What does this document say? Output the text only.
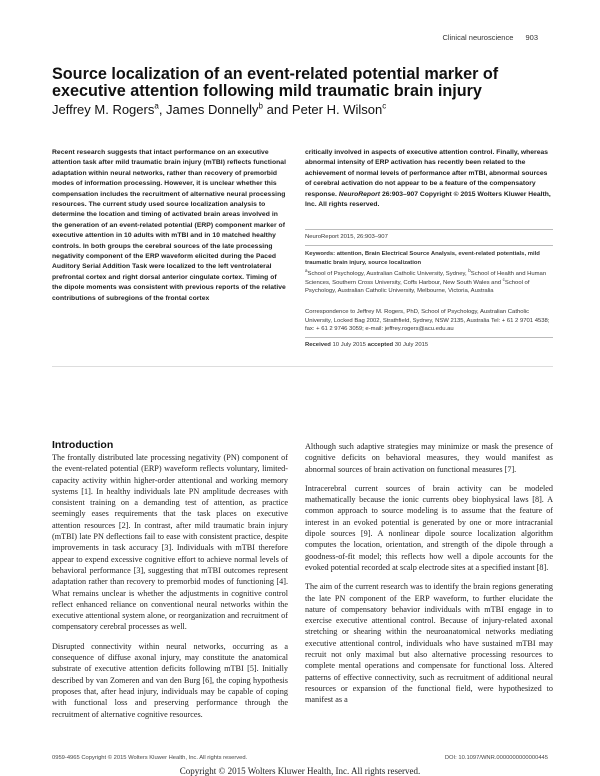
Clinical neuroscience 903
Source localization of an event-related potential marker of executive attention following mild traumatic brain injury
Jeffrey M. Rogers$^a$, James Donnelly$^b$ and Peter H. Wilson$^c$
Recent research suggests that intact performance on an executive attention task after mild traumatic brain injury (mTBI) reflects functional adaptation within neural networks, rather than recovery of premorbid modes of information processing. However, it is unclear whether this compensation includes the recruitment of alternative neural processing resources. The current study used source localization analysis to determine the location and timing of activated brain areas involved in the generation of an event-related potential (ERP) component marker of executive attention in 10 adults with mTBI and in 10 matched healthy controls. In both groups the cerebral sources of the late processing negativity component of the ERP waveform elicited during the Paced Auditory Serial Addition Task were localized to the left ventrolateral prefrontal cortex and right dorsal anterior cingulate cortex. Timing of the dipole moments was consistent with previous reports of the relative contributions of subregions of the frontal cortex
critically involved in aspects of executive attention control. Finally, whereas abnormal intensity of ERP activation has recently been related to the achievement of normal levels of performance after mTBI, abnormal sources of cerebral activation do not appear to be a feature of the compensatory response. NeuroReport 26:903–907 Copyright © 2015 Wolters Kluwer Health, Inc. All rights reserved.
NeuroReport 2015, 26:903–907
Keywords: attention, Brain Electrical Source Analysis, event-related potentials, mild traumatic brain injury, source localization
$^a$School of Psychology, Australian Catholic University, Sydney, $^b$School of Health and Human Sciences, Southern Cross University, Coffs Harbour, New South Wales and $^c$School of Psychology, Australian Catholic University, Melbourne, Victoria, Australia
Correspondence to Jeffrey M. Rogers, PhD, School of Psychology, Australian Catholic University, Locked Bag 2002, Strathfield, Sydney, NSW 2135, Australia Tel: + 61 2 9701 4538; fax: + 61 2 9746 3059; e-mail: jeffrey.rogers@acu.edu.au
Received 10 July 2015 accepted 30 July 2015
Introduction

The frontally distributed late processing negativity (PN) component of the event-related potential (ERP) waveform reflects voluntary, limited-capacity activity within higher-order attentional and working memory systems [1]. In healthy individuals late PN amplitude decreases with consistent training on a demanding test of attention, as practice seemingly eases requirements that the task places on executive attention resources [2]. In contrast, after mild traumatic brain injury (mTBI) late PN deflections fail to ease with consistent practice, despite improvements in task accuracy [3]. Individuals with mTBI therefore appear to expend excessive cognitive effort to achieve normal levels of behavioral performance [3], suggesting that mTBI outcomes represent adaptation rather than recovery to premorbid modes of functioning [4]. What remains unclear is whether the adjustments in cognitive control reflect enhanced reliance on conventional neural networks within the executive attentional system alone, or reorganization and recruitment of compensatory cerebral processes as well.

Disrupted connectivity within neural networks, occurring as a consequence of diffuse axonal injury, may constitute the anatomical substrate of executive attention deficits following mTBI [5]. Initially described by van Zomeren and van den Burg [6], the coping hypothesis proposes that, after head injury, individuals may be capable of coping with functional loss and preserving performance through the recruitment of alternative cognitive resources.

Although such adaptive strategies may minimize or mask the presence of cognitive deficits on behavioral measures, they would manifest as abnormal sources of brain activation on functional measures [7].

Intracerebral current sources of brain activity can be modeled mathematically because the ionic currents obey biophysical laws [8]. A common approach to source modeling is to assume that the feature of interest in an evoked potential is generated by one or more intracranial dipole sources [9]. A nonlinear dipole source localization algorithm computes the location, orientation, and strength of the dipole through a goodness-of-fit model; this reflects how well a dipole accounts for the evoked potential recorded at scalp electrode sites at a specified instant [8].

The aim of the current research was to identify the brain regions generating the late PN component of the ERP waveform, to further elucidate the nature of compensatory behavior individuals with mTBI engage in to exercise executive attentional control. Because of injury-related axonal stretching or shearing within the neuroanatomical networks mediating executive attentional control, individuals who have sustained mTBI may recruit not only maximal but also alternative processing resources to complete mental operations and compensate for functional loss. Altered patterns of effective connectivity, such as recruitment of additional neural resources or expansion of the functional field, were hypothesized to manifest as a

0959-4965 Copyright © 2015 Wolters Kluwer Health, Inc. All rights reserved.	DOI: 10.1097/WNR.0000000000000445
Copyright © 2015 Wolters Kluwer Health, Inc. All rights reserved.
